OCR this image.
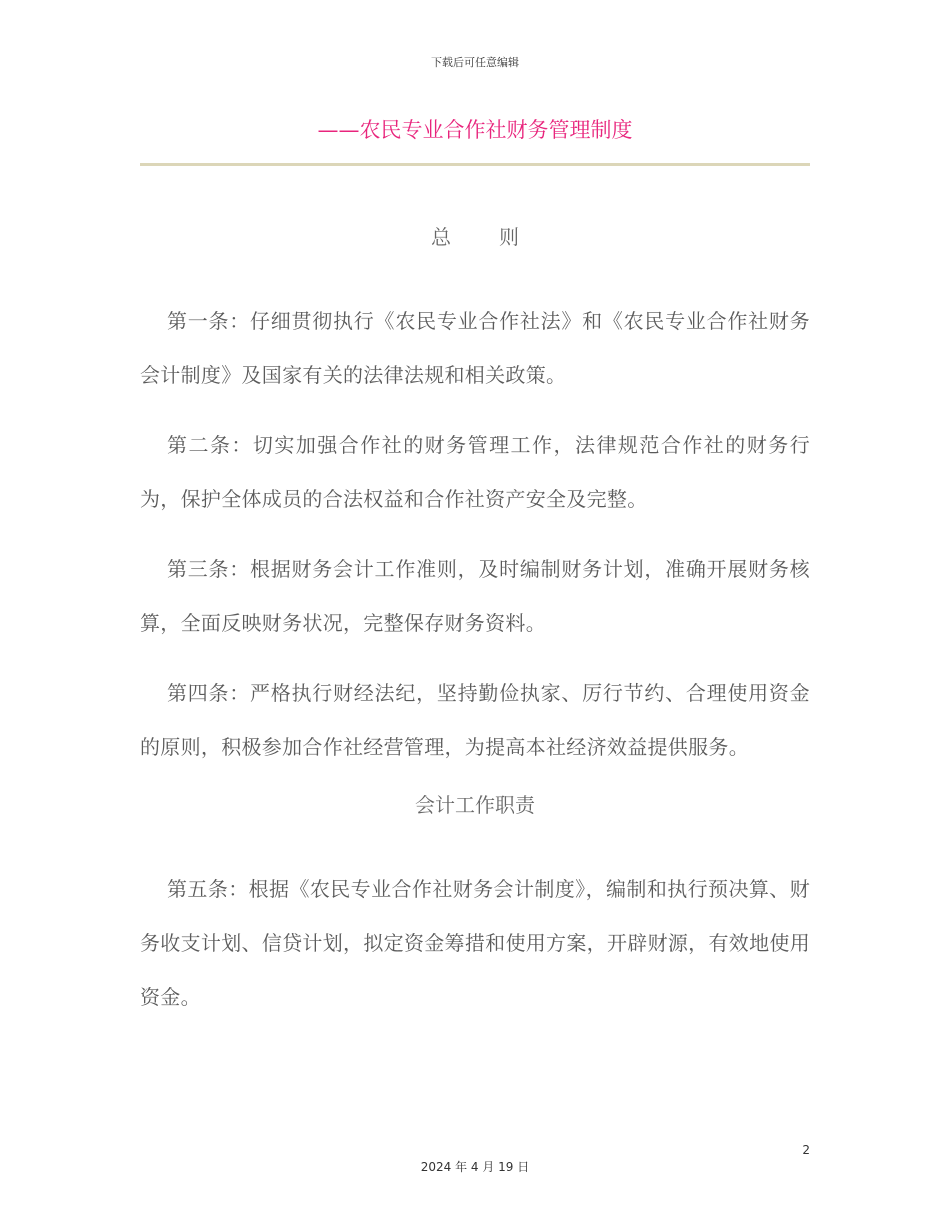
下载后可任意编辑
——农民专业合作社财务管理制度

总　则

第一条：仔细贯彻执行《农民专业合作社法》和《农民专业合作社财务会计制度》及国家有关的法律法规和相关政策。

第二条：切实加强合作社的财务管理工作，法律规范合作社的财务行为，保护全体成员的合法权益和合作社资产安全及完整。

第三条：根据财务会计工作准则，及时编制财务计划，准确开展财务核算，全面反映财务状况，完整保存财务资料。

第四条：严格执行财经法纪，坚持勤俭执家、厉行节约、合理使用资金的原则，积极参加合作社经营管理，为提高本社经济效益提供服务。

会计工作职责

第五条：根据《农民专业合作社财务会计制度》，编制和执行预决算、财务收支计划、信贷计划，拟定资金筹措和使用方案，开辟财源，有效地使用资金。

2
2024 年 4 月 19 日
